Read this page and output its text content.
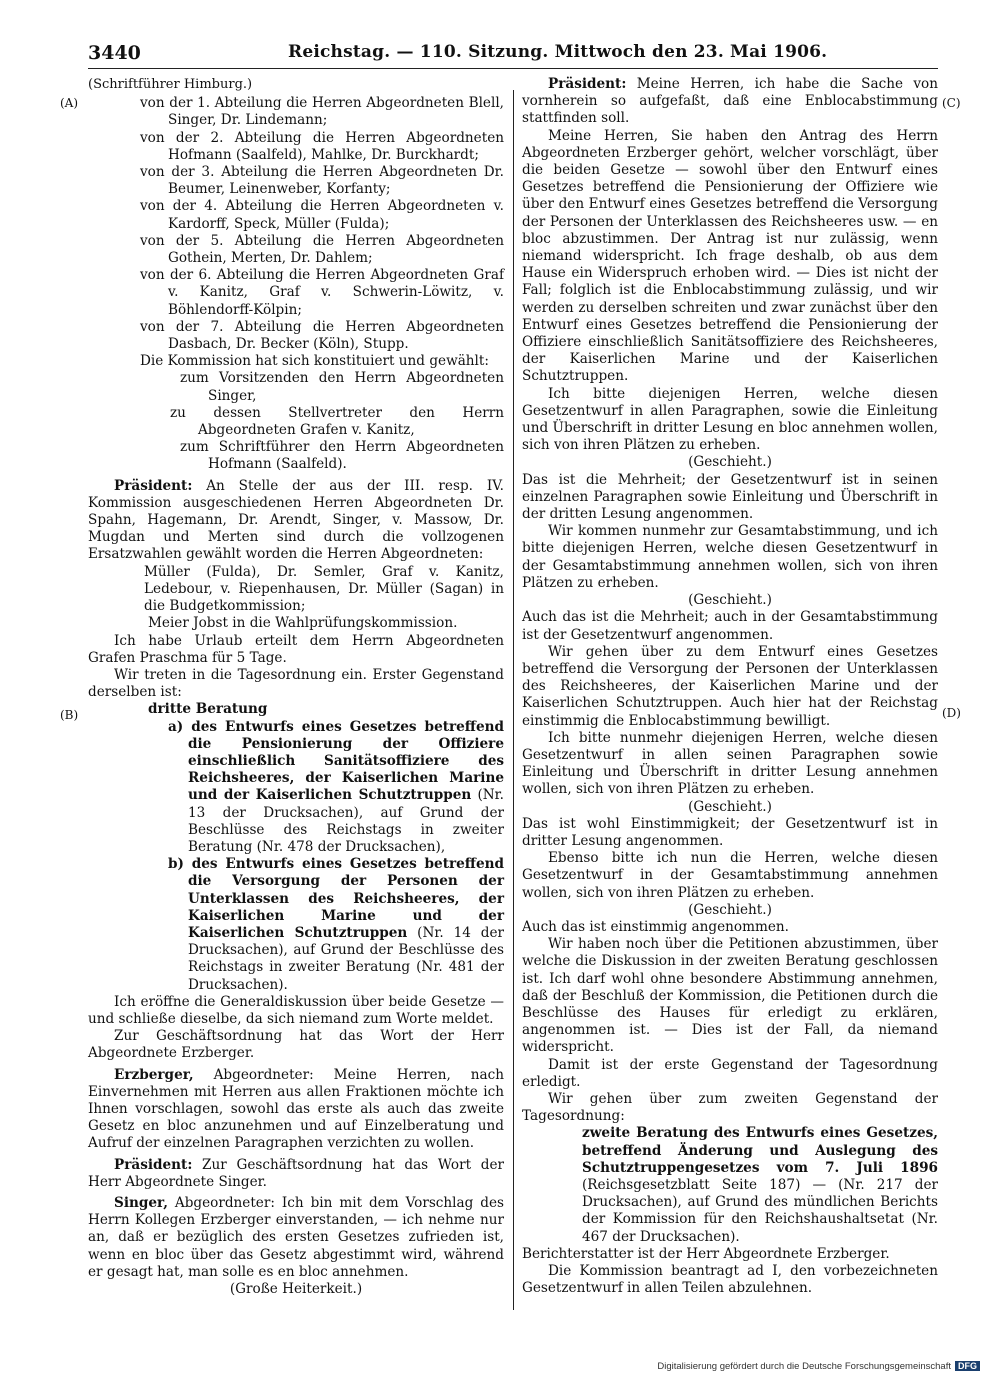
3440	Reichstag. — 110. Sitzung. Mittwoch den 23. Mai 1906.
(A)
(B)
(C)
(D)

(Schriftführer Himburg.)

von der 1. Abteilung die Herren Abgeordneten Blell, Singer, Dr. Lindemann;

von der 2. Abteilung die Herren Abgeordneten Hofmann (Saalfeld), Mahlke, Dr. Burckhardt;

von der 3. Abteilung die Herren Abgeordneten Dr. Beumer, Leinenweber, Korfanty;

von der 4. Abteilung die Herren Abgeordneten v. Kardorff, Speck, Müller (Fulda);

von der 5. Abteilung die Herren Abgeordneten Gothein, Merten, Dr. Dahlem;

von der 6. Abteilung die Herren Abgeordneten Graf v. Kanitz, Graf v. Schwerin-Löwitz, v. Böhlendorff-Kölpin;

von der 7. Abteilung die Herren Abgeordneten Dasbach, Dr. Becker (Köln), Stupp.

Die Kommission hat sich konstituiert und gewählt:

zum Vorsitzenden den Herrn Abgeordneten Singer,

zu dessen Stellvertreter den Herrn Abgeordneten Grafen v. Kanitz,

zum Schriftführer den Herrn Abgeordneten Hofmann (Saalfeld).

Präsident: An Stelle der aus der III. resp. IV. Kommission ausgeschiedenen Herren Abgeordneten Dr. Spahn, Hagemann, Dr. Arendt, Singer, v. Massow, Dr. Mugdan und Merten sind durch die vollzogenen Ersatzwahlen gewählt worden die Herren Abgeordneten:

Müller (Fulda), Dr. Semler, Graf v. Kanitz, Ledebour, v. Riepenhausen, Dr. Müller (Sagan) in die Budgetkommission;

Meier Jobst in die Wahlprüfungskommission.

Ich habe Urlaub erteilt dem Herrn Abgeordneten Grafen Praschma für 5 Tage.

Wir treten in die Tagesordnung ein. Erster Gegenstand derselben ist:

dritte Beratung

a) des Entwurfs eines Gesetzes betreffend die Pensionierung der Offiziere einschließlich Sanitätsoffiziere des Reichsheeres, der Kaiserlichen Marine und der Kaiserlichen Schutztruppen (Nr. 13 der Drucksachen), auf Grund der Beschlüsse des Reichstags in zweiter Beratung (Nr. 478 der Drucksachen),

b) des Entwurfs eines Gesetzes betreffend die Versorgung der Personen der Unterklassen des Reichsheeres, der Kaiserlichen Marine und der Kaiserlichen Schutztruppen (Nr. 14 der Drucksachen), auf Grund der Beschlüsse des Reichstags in zweiter Beratung (Nr. 481 der Drucksachen).

Ich eröffne die Generaldiskussion über beide Gesetze — und schließe dieselbe, da sich niemand zum Worte meldet.

Zur Geschäftsordnung hat das Wort der Herr Abgeordnete Erzberger.

Erzberger, Abgeordneter: Meine Herren, nach Einvernehmen mit Herren aus allen Fraktionen möchte ich Ihnen vorschlagen, sowohl das erste als auch das zweite Gesetz en bloc anzunehmen und auf Einzelberatung und Aufruf der einzelnen Paragraphen verzichten zu wollen.

Präsident: Zur Geschäftsordnung hat das Wort der Herr Abgeordnete Singer.

Singer, Abgeordneter: Ich bin mit dem Vorschlag des Herrn Kollegen Erzberger einverstanden, — ich nehme nur an, daß er bezüglich des ersten Gesetzes zufrieden ist, wenn en bloc über das Gesetz abgestimmt wird, während er gesagt hat, man solle es en bloc annehmen.

(Große Heiterkeit.)

Präsident: Meine Herren, ich habe die Sache von vornherein so aufgefaßt, daß eine Enblocabstimmung stattfinden soll.

Meine Herren, Sie haben den Antrag des Herrn Abgeordneten Erzberger gehört, welcher vorschlägt, über die beiden Gesetze — sowohl über den Entwurf eines Gesetzes betreffend die Pensionierung der Offiziere wie über den Entwurf eines Gesetzes betreffend die Versorgung der Personen der Unterklassen des Reichsheeres usw. — en bloc abzustimmen. Der Antrag ist nur zulässig, wenn niemand widerspricht. Ich frage deshalb, ob aus dem Hause ein Widerspruch erhoben wird. — Dies ist nicht der Fall; folglich ist die Enblocabstimmung zulässig, und wir werden zu derselben schreiten und zwar zunächst über den Entwurf eines Gesetzes betreffend die Pensionierung der Offiziere einschließlich Sanitätsoffiziere des Reichsheeres, der Kaiserlichen Marine und der Kaiserlichen Schutztruppen.

Ich bitte diejenigen Herren, welche diesen Gesetzentwurf in allen Paragraphen, sowie die Einleitung und Überschrift in dritter Lesung en bloc annehmen wollen, sich von ihren Plätzen zu erheben.

(Geschieht.)

Das ist die Mehrheit; der Gesetzentwurf ist in seinen einzelnen Paragraphen sowie Einleitung und Überschrift in der dritten Lesung angenommen.

Wir kommen nunmehr zur Gesamtabstimmung, und ich bitte diejenigen Herren, welche diesen Gesetzentwurf in der Gesamtabstimmung annehmen wollen, sich von ihren Plätzen zu erheben.

(Geschieht.)

Auch das ist die Mehrheit; auch in der Gesamtabstimmung ist der Gesetzentwurf angenommen.

Wir gehen über zu dem Entwurf eines Gesetzes betreffend die Versorgung der Personen der Unterklassen des Reichsheeres, der Kaiserlichen Marine und der Kaiserlichen Schutztruppen. Auch hier hat der Reichstag einstimmig die Enblocabstimmung bewilligt.

Ich bitte nunmehr diejenigen Herren, welche diesen Gesetzentwurf in allen seinen Paragraphen sowie Einleitung und Überschrift in dritter Lesung annehmen wollen, sich von ihren Plätzen zu erheben.

(Geschieht.)

Das ist wohl Einstimmigkeit; der Gesetzentwurf ist in dritter Lesung angenommen.

Ebenso bitte ich nun die Herren, welche diesen Gesetzentwurf in der Gesamtabstimmung annehmen wollen, sich von ihren Plätzen zu erheben.

(Geschieht.)

Auch das ist einstimmig angenommen.

Wir haben noch über die Petitionen abzustimmen, über welche die Diskussion in der zweiten Beratung geschlossen ist. Ich darf wohl ohne besondere Abstimmung annehmen, daß der Beschluß der Kommission, die Petitionen durch die Beschlüsse des Hauses für erledigt zu erklären, angenommen ist. — Dies ist der Fall, da niemand widerspricht.

Damit ist der erste Gegenstand der Tagesordnung erledigt.

Wir gehen über zum zweiten Gegenstand der Tagesordnung:

zweite Beratung des Entwurfs eines Gesetzes, betreffend Änderung und Auslegung des Schutztruppengesetzes vom 7. Juli 1896 (Reichsgesetzblatt Seite 187) — (Nr. 217 der Drucksachen), auf Grund des mündlichen Berichts der Kommission für den Reichshaushaltsetat (Nr. 467 der Drucksachen).

Berichterstatter ist der Herr Abgeordnete Erzberger.

Die Kommission beantragt ad I, den vorbezeichneten Gesetzentwurf in allen Teilen abzulehnen.

Digitalisierung gefördert durch die Deutsche Forschungsgemeinschaft DFG
